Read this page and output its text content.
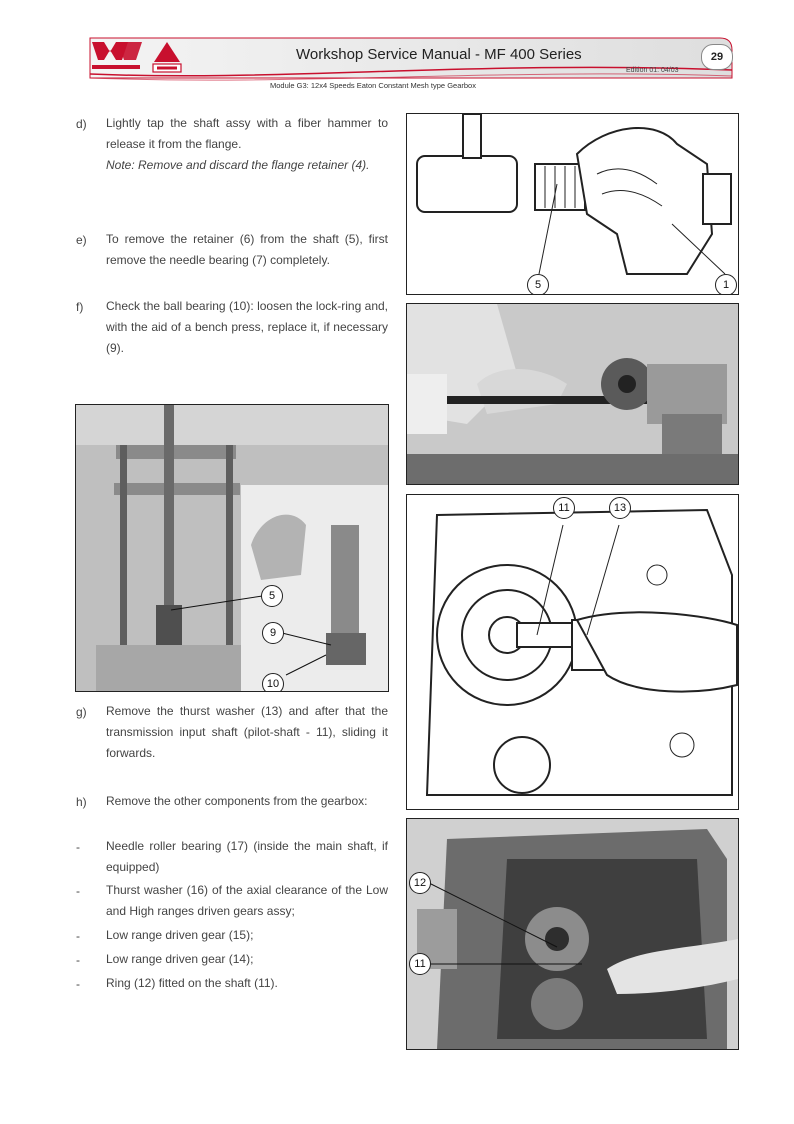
Workshop Service Manual - MF 400 Series
Edition 01: 04/03
29
Module G3: 12x4 Speeds Eaton Constant Mesh type Gearbox
d) Lightly tap the shaft assy with a fiber hammer to release it from the flange.
Note: Remove and discard the flange retainer (4).
e) To remove the retainer (6) from the shaft (5), first remove the needle bearing (7) completely.
f) Check the ball bearing (10): loosen the lock-ring and, with the aid of a bench press, replace it, if necessary (9).
g) Remove the thurst washer (13) and after that the transmission input shaft (pilot-shaft - 11), sliding it forwards.
h) Remove the other components from the gearbox:
- Needle roller bearing (17) (inside the main shaft, if equipped)
- Thurst washer (16) of the axial clearance of the Low and High ranges driven gears assy;
- Low range driven gear (15);
- Low range driven gear (14);
- Ring (12) fitted on the shaft (11).
5	1
5
9
10
11	13
12
11
